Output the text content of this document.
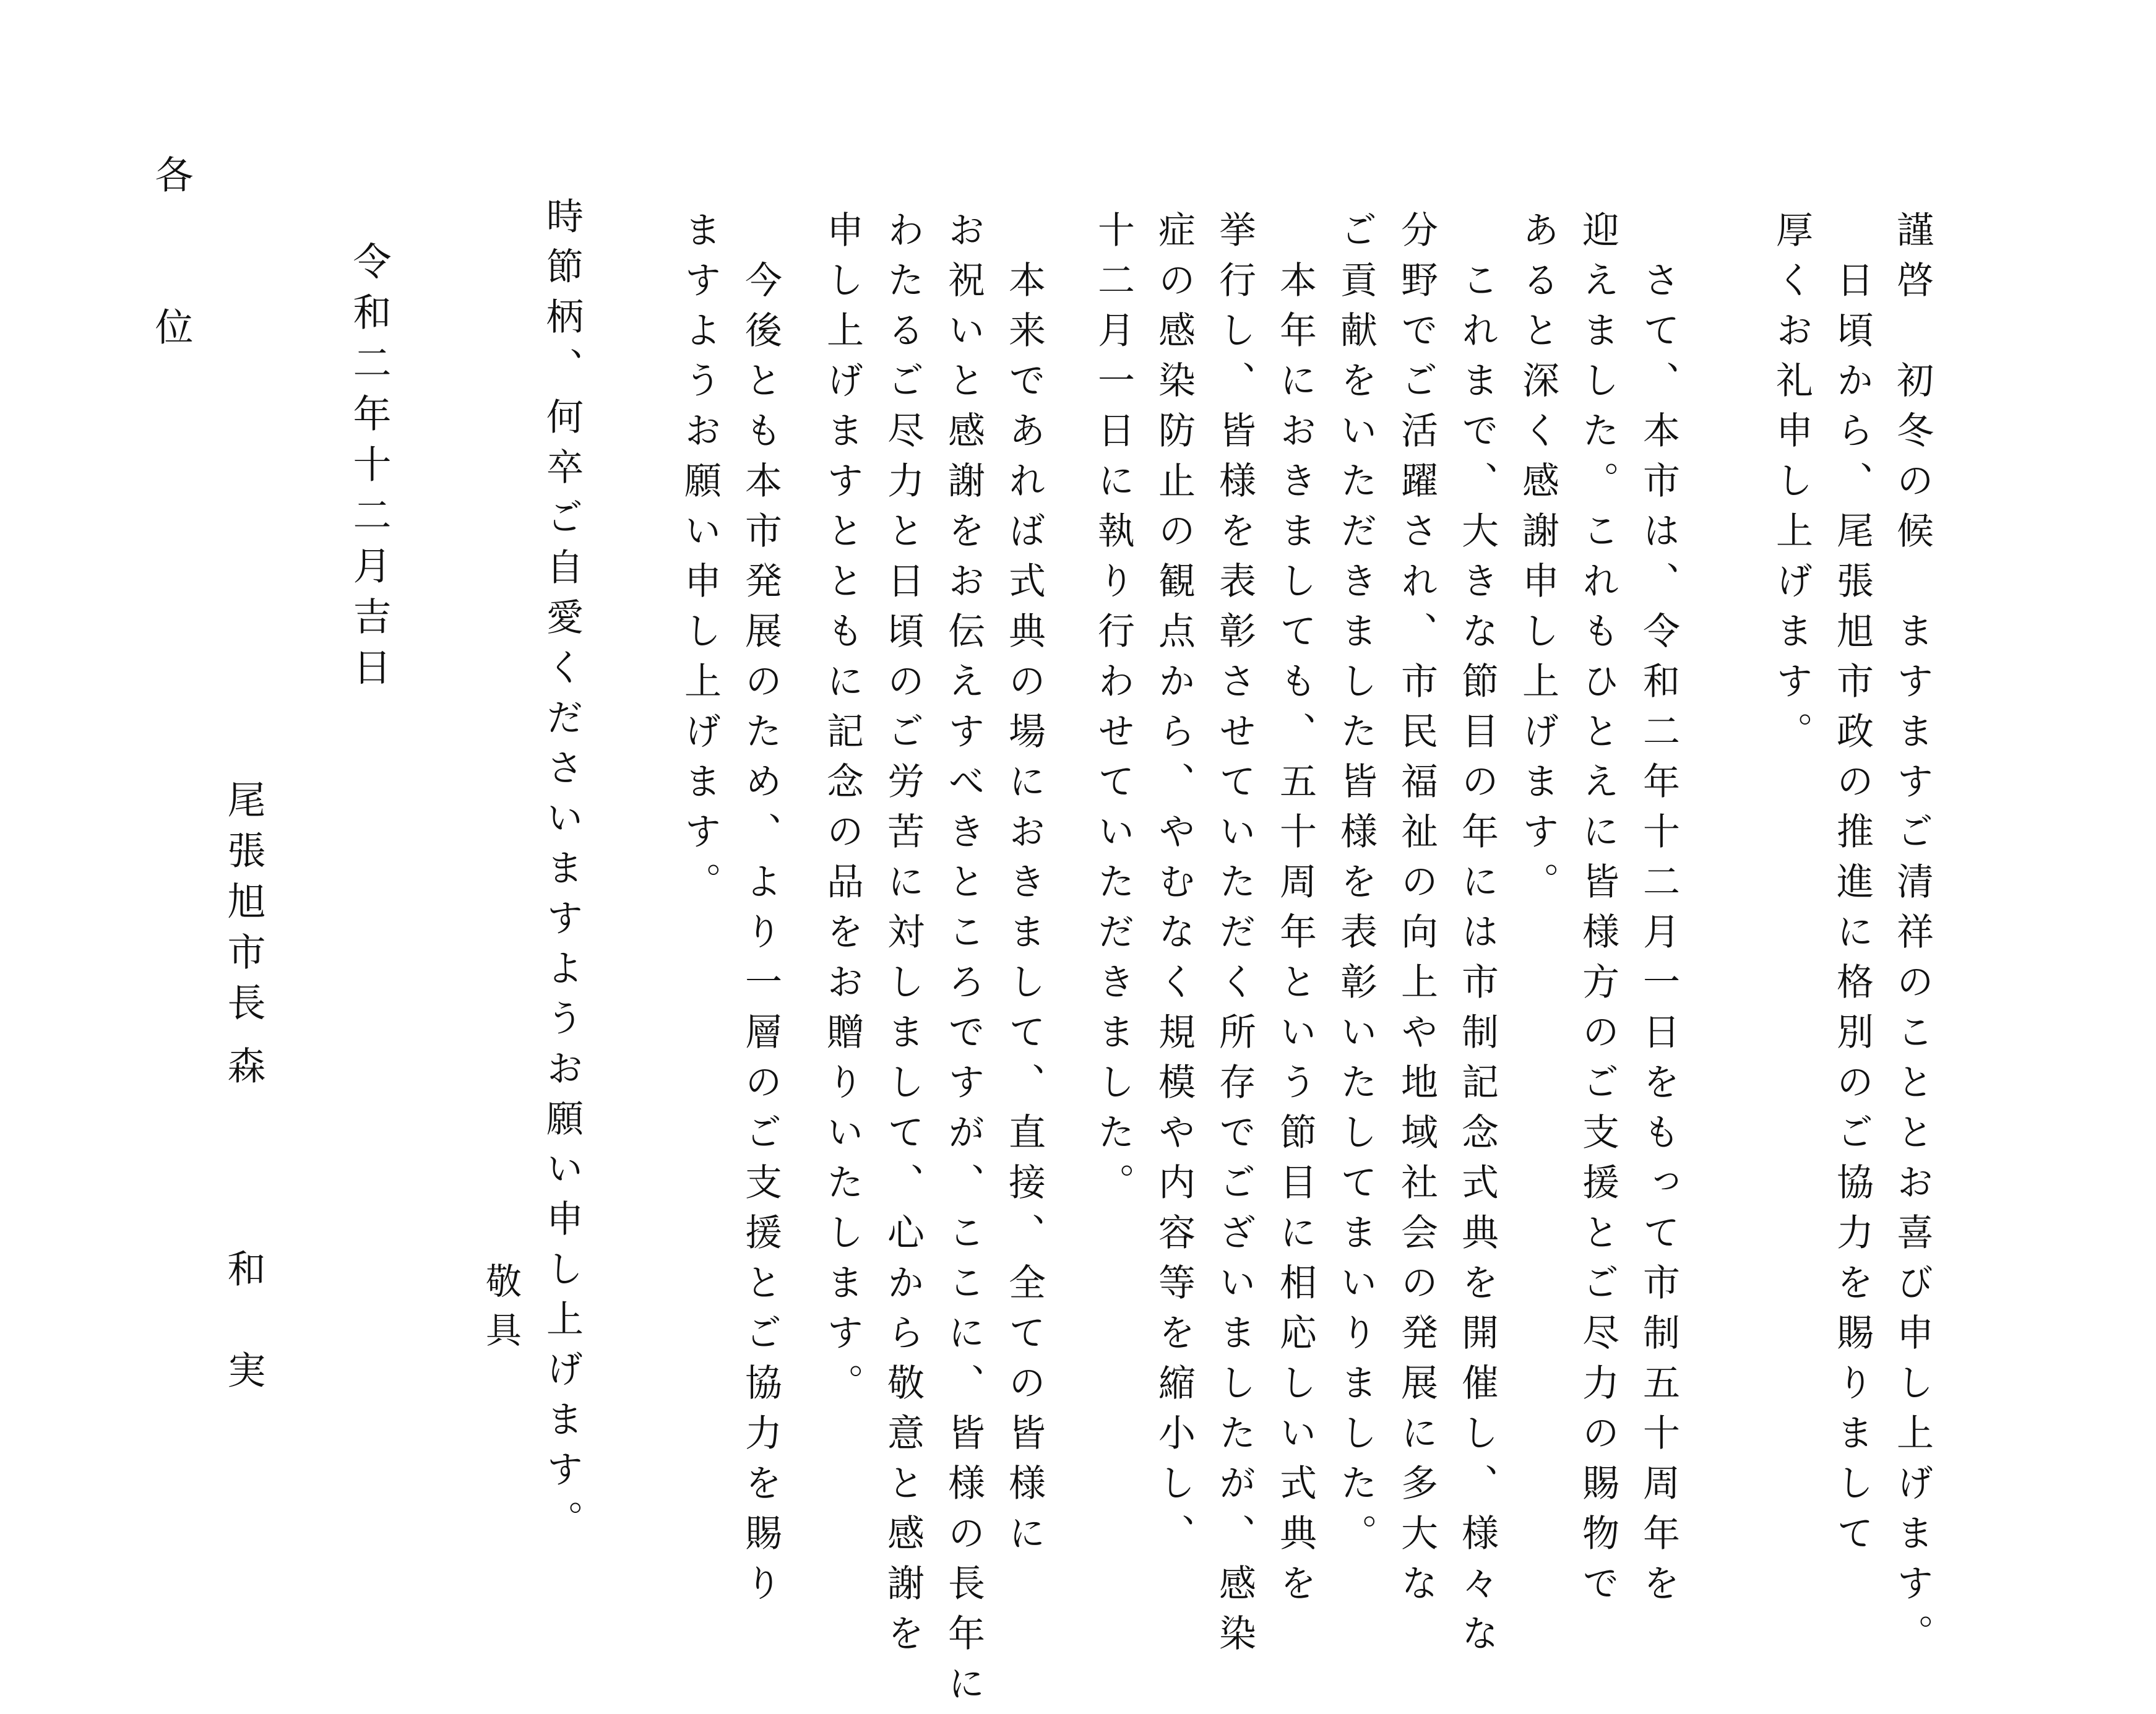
謹啓　初冬の候　ますますご清祥のこととお喜び申し上げます。

　日頃から、尾張旭市政の推進に格別のご協力を賜りまして

厚くお礼申し上げます。

　さて、本市は、令和二年十二月一日をもって市制五十周年を

迎えました。これもひとえに皆様方のご支援とご尽力の賜物で

あると深く感謝申し上げます。

　これまで、大きな節目の年には市制記念式典を開催し、様々な

分野でご活躍され、市民福祉の向上や地域社会の発展に多大な

ご貢献をいただきました皆様を表彰いたしてまいりました。

　本年におきましても、五十周年という節目に相応しい式典を

挙行し、皆様を表彰させていただく所存でございましたが、感染

症の感染防止の観点から、やむなく規模や内容等を縮小し、

十二月一日に執り行わせていただきました。

　本来であれば式典の場におきまして、直接、全ての皆様に

お祝いと感謝をお伝えすべきところですが、ここに、皆様の長年に

わたるご尽力と日頃のご労苦に対しまして、心から敬意と感謝を

申し上げますとともに記念の品をお贈りいたします。

　今後とも本市発展のため、より一層のご支援とご協力を賜り

ますようお願い申し上げます。

時節柄、何卒ご自愛くださいますようお願い申し上げます。

敬具

令和二年十二月吉日

尾張旭市長

森　　　和　実

各　　位
